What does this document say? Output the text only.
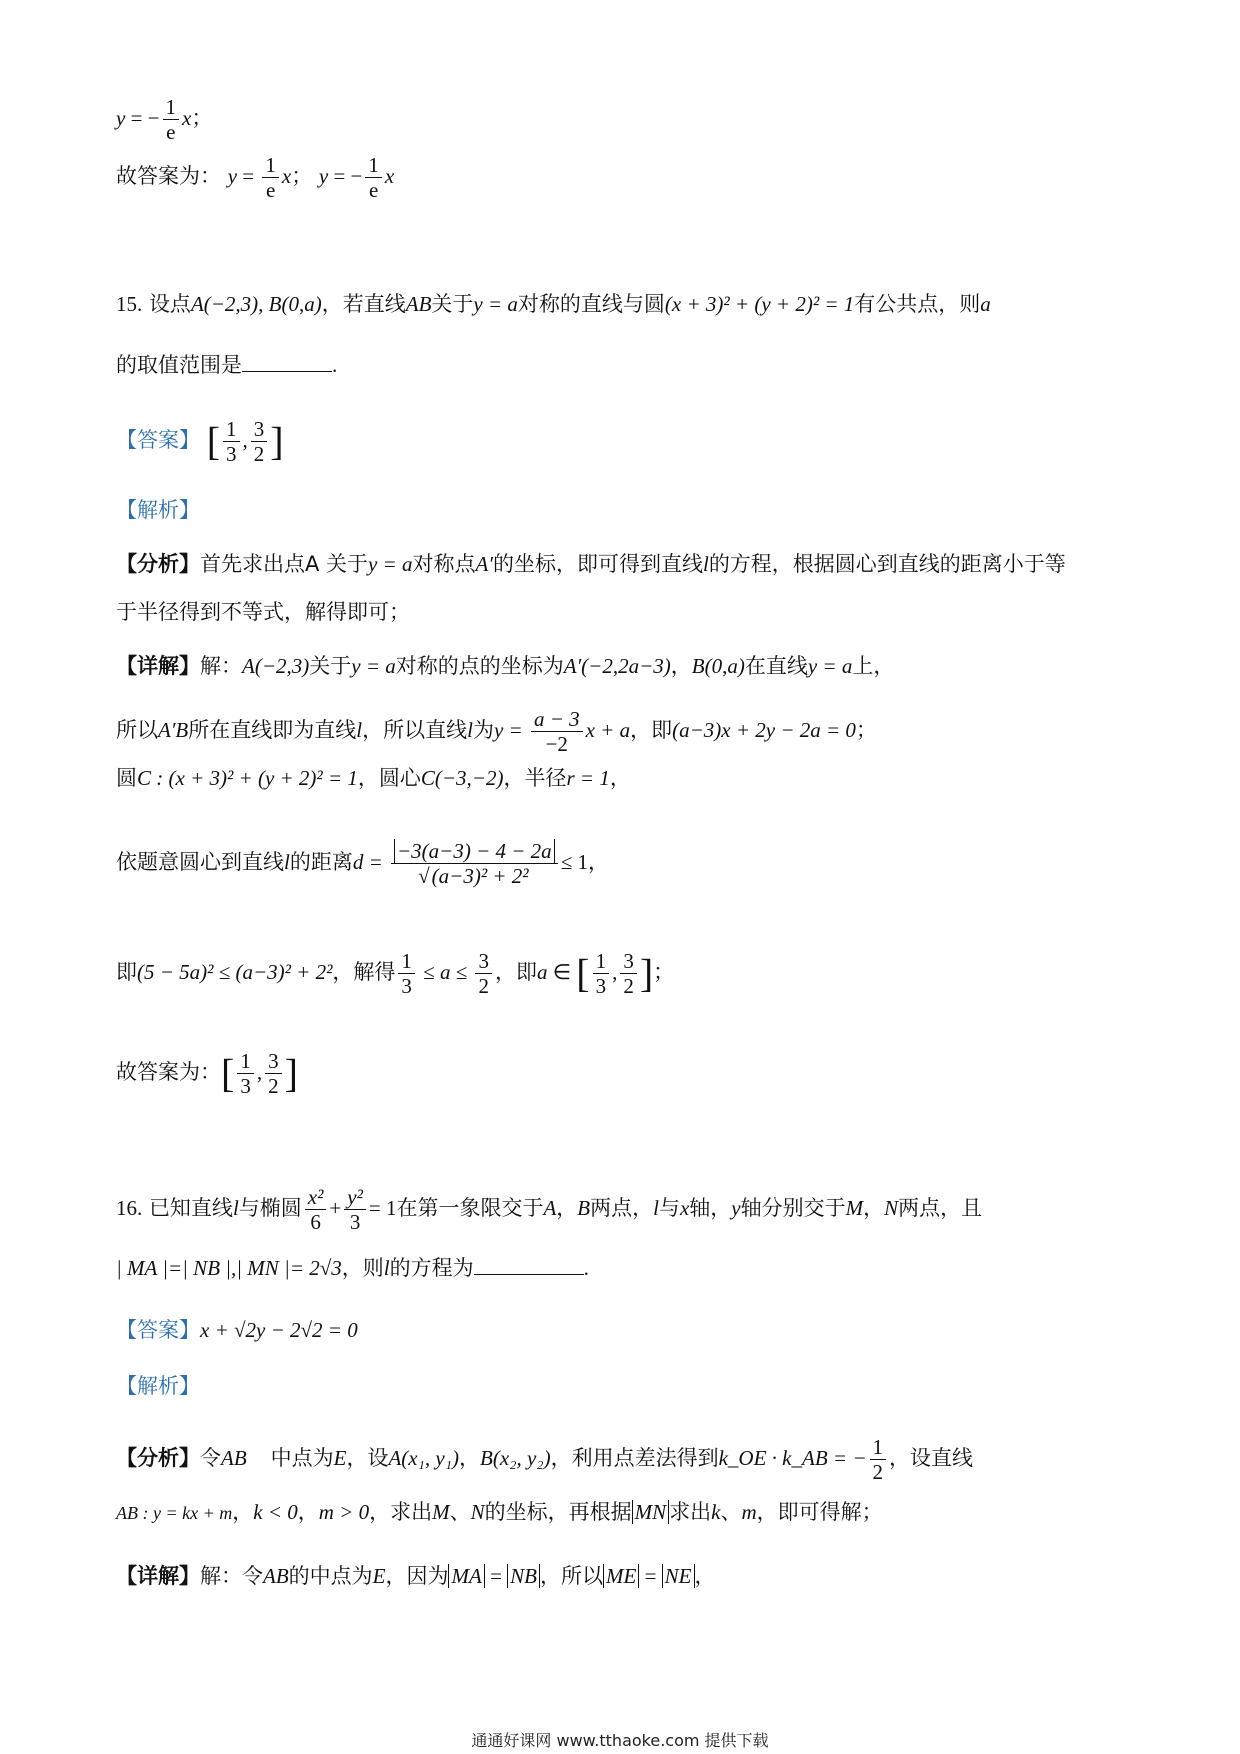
y = − $\frac{1}{e}$ x；
故答案为： $y = \frac{1}{e}$ x； y = − $\frac{1}{e}$ x
15. 设点A(−2,3), B(0,a)，若直线AB关于y = a对称的直线与圆(x + 3)² + (y + 2)² = 1有公共点，则a
的取值范围是	.
【答案】 [ $\frac{1}{3}$ , $\frac{3}{2}$ ]
【解析】
【分析】首先求出点A 关于y = a对称点A′的坐标，即可得到直线l的方程，根据圆心到直线的距离小于等
于半径得到不等式，解得即可；
【详解】解：A(−2,3)关于y = a对称的点的坐标为A′(−2,2a−3)，B(0,a)在直线y = a上，
所以A′B所在直线即为直线l，所以直线l为$y = \frac{a - 3}{-2}$ x + a，即(a−3)x + 2y − 2a = 0；
圆C : (x + 3)² + (y + 2)² = 1，圆心C(−3,−2)，半径r = 1，
依题意圆心到直线l的距离$d = \frac{-3(a-3) - 4 - 2a}{\text{√(a−3)² + 2²}} \le 1$，
即(5 − 5a)² ≤ (a−3)² + 2²，解得 $\frac{1}{3} \le a \le \frac{3}{2}$ ，即a ∈ [ $\frac{1}{3}$ , $\frac{3}{2}$ ]；
故答案为：[ $\frac{1}{3}$ , $\frac{3}{2}$ ]
16. 已知直线l与椭圆 $\frac{\text{x²}}{6} + \frac{\text{y²}}{3} = 1$在第一象限交于A，B两点，l与x轴，y轴分别交于M，N两点，且
| MA |=| NB |,| MN |= 2√3，则l的方程为	.
【答案】x + √2y − 2√2 = 0
【解析】
【分析】令AB 中点为E，设A(x₁, y₁)，B(x₂, y₂)，利用点差法得到k_OE · k_AB = − $\frac{1}{2}$ ，设直线
AB : y = kx + m，k < 0，m > 0，求出M、N的坐标，再根据 MN 求出k、m，即可得解；
【详解】解：令AB的中点为E，因为 MA = NB ，所以 ME = NE ，
通通好课网 www.tthaoke.com 提供下载
